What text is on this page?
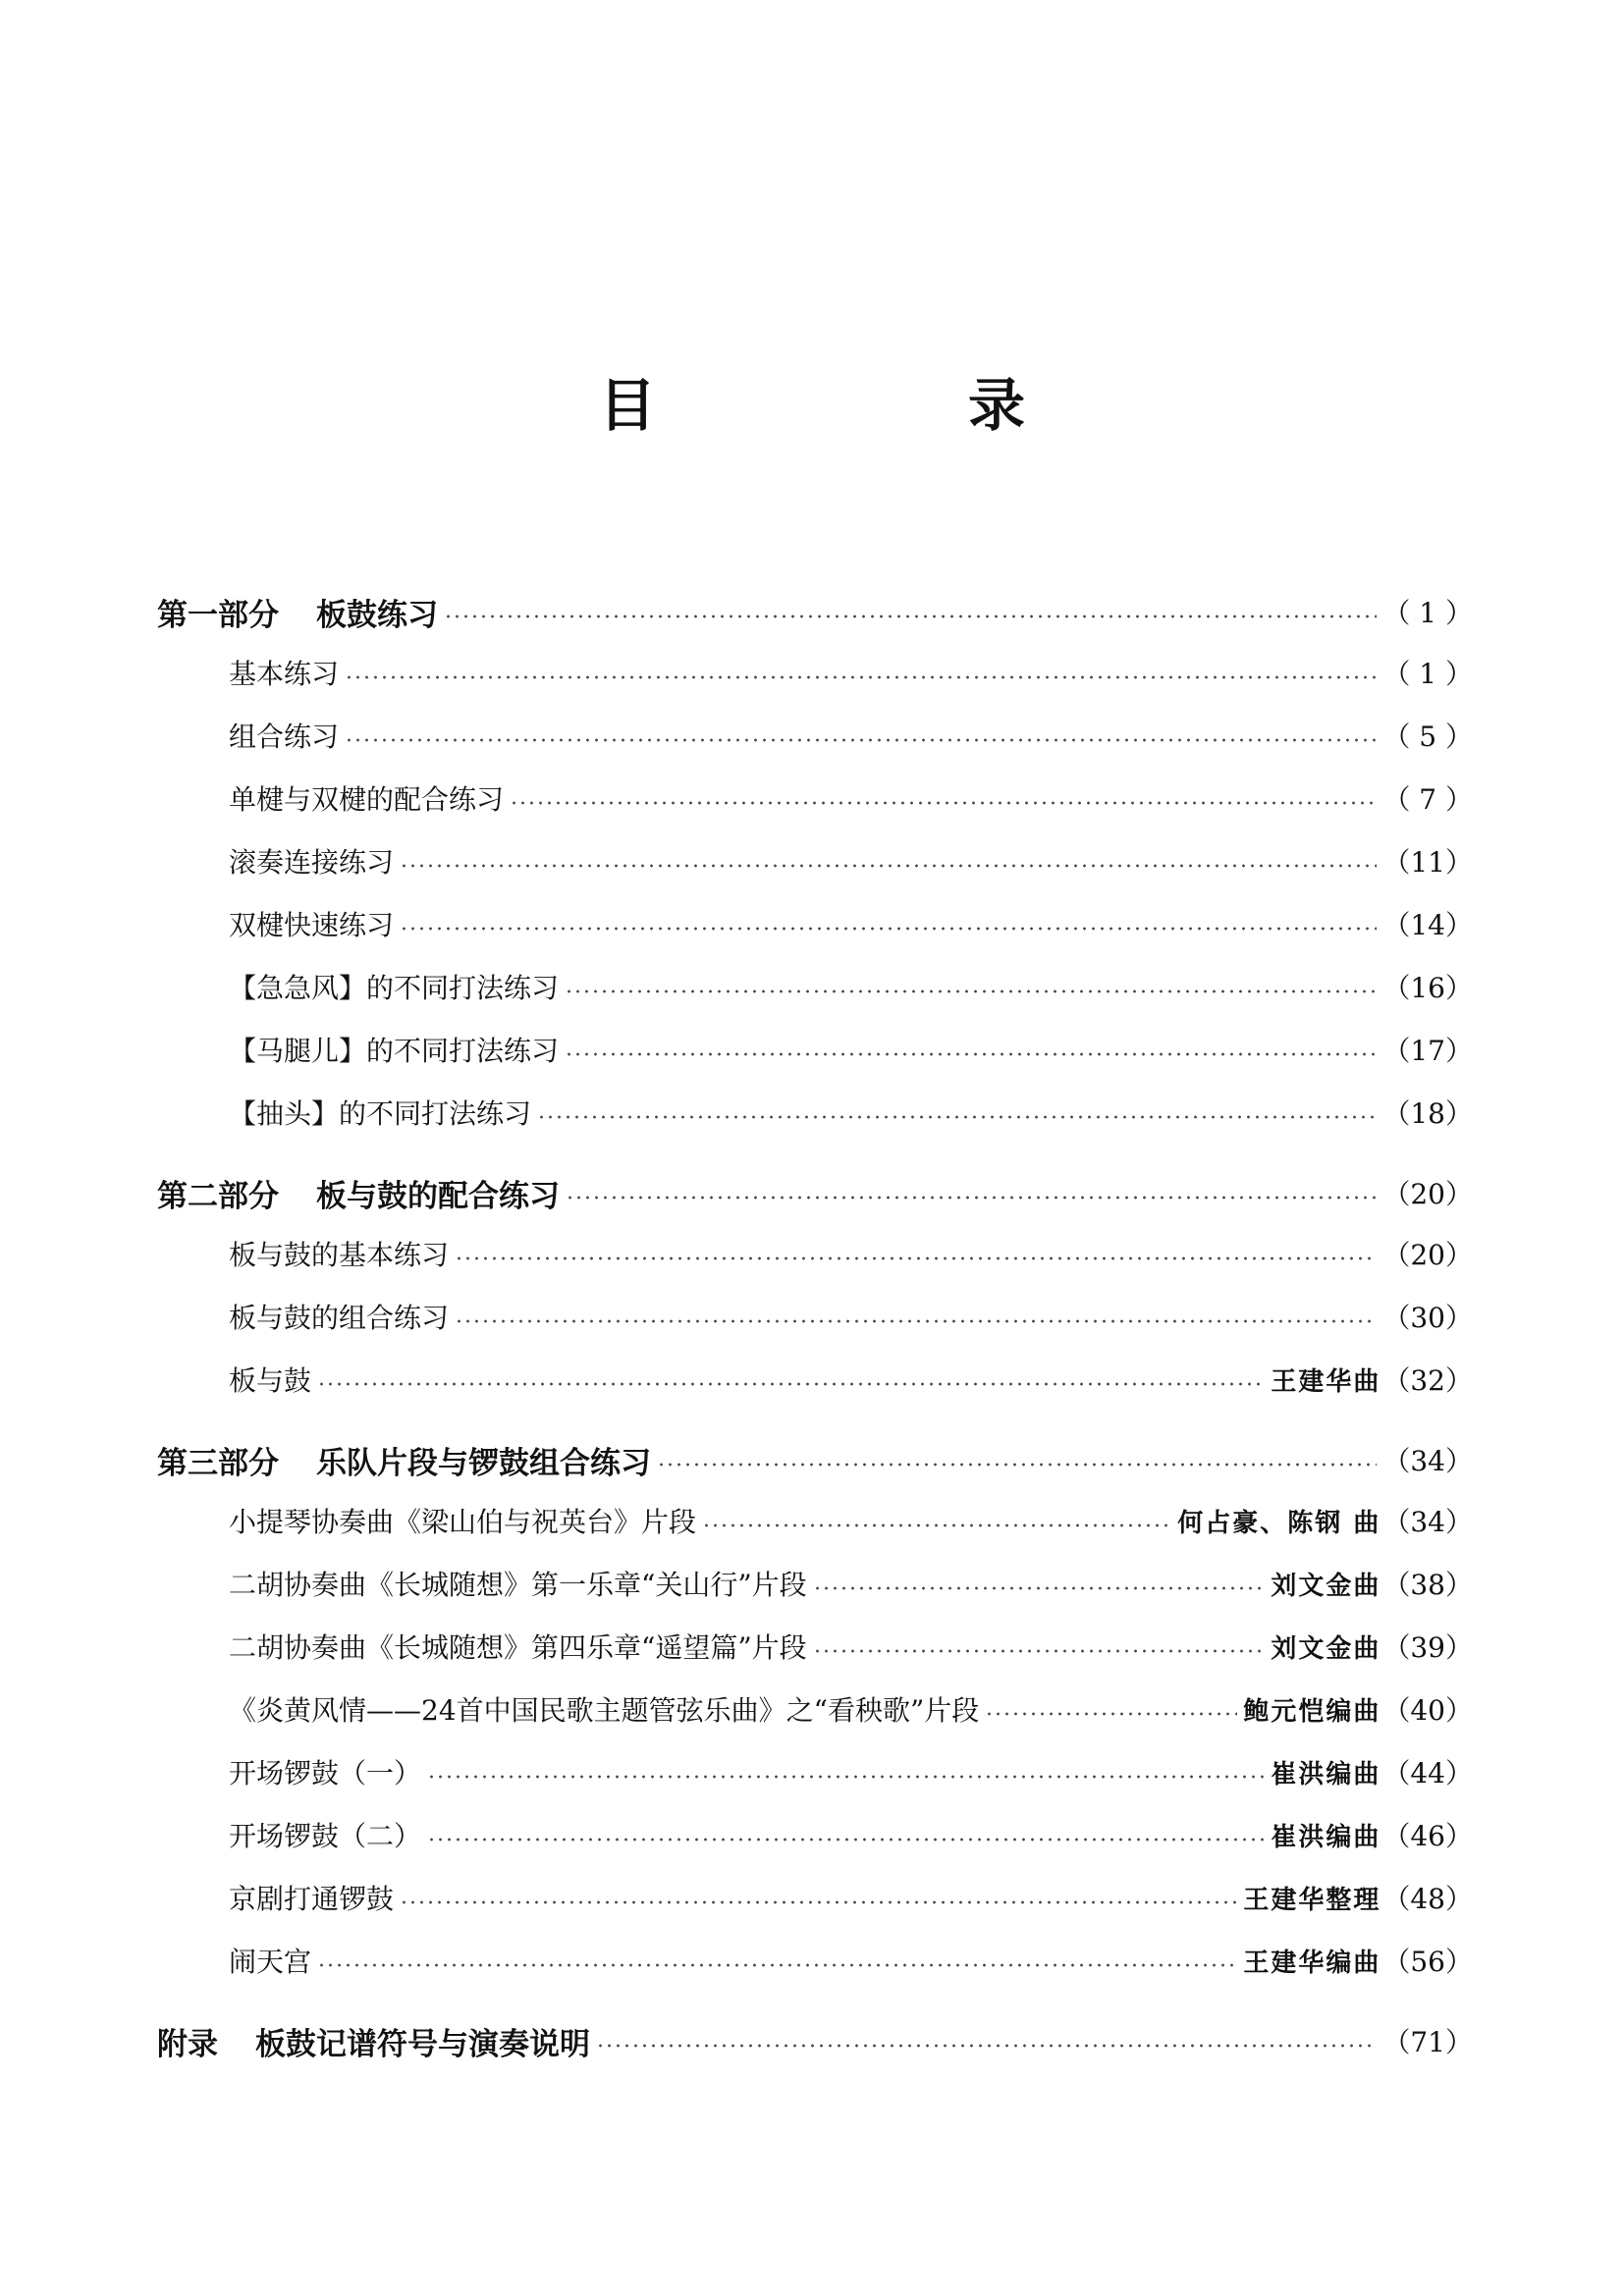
目　录
第一部分 板鼓练习	（ 1 ）
基本练习	（ 1 ）
组合练习	（ 5 ）
单楗与双楗的配合练习	（ 7 ）
滚奏连接练习	（11）
双楗快速练习	（14）
【急急风】的不同打法练习	（16）
【马腿儿】的不同打法练习	（17）
【抽头】的不同打法练习	（18）
第二部分 板与鼓的配合练习	（20）
板与鼓的基本练习	（20）
板与鼓的组合练习	（30）
板与鼓	王建华曲 （32）
第三部分 乐队片段与锣鼓组合练习	（34）
小提琴协奏曲《梁山伯与祝英台》片段	何占豪、陈钢 曲 （34）
二胡协奏曲《长城随想》第一乐章“关山行”片段	刘文金曲 （38）
二胡协奏曲《长城随想》第四乐章“遥望篇”片段	刘文金曲 （39）
《炎黄风情——24首中国民歌主题管弦乐曲》之“看秧歌”片段	鲍元恺编曲 （40）
开场锣鼓（一）	崔洪编曲 （44）
开场锣鼓（二）	崔洪编曲 （46）
京剧打通锣鼓	王建华整理 （48）
闹天宫	王建华编曲 （56）
附录 板鼓记谱符号与演奏说明	（71）
